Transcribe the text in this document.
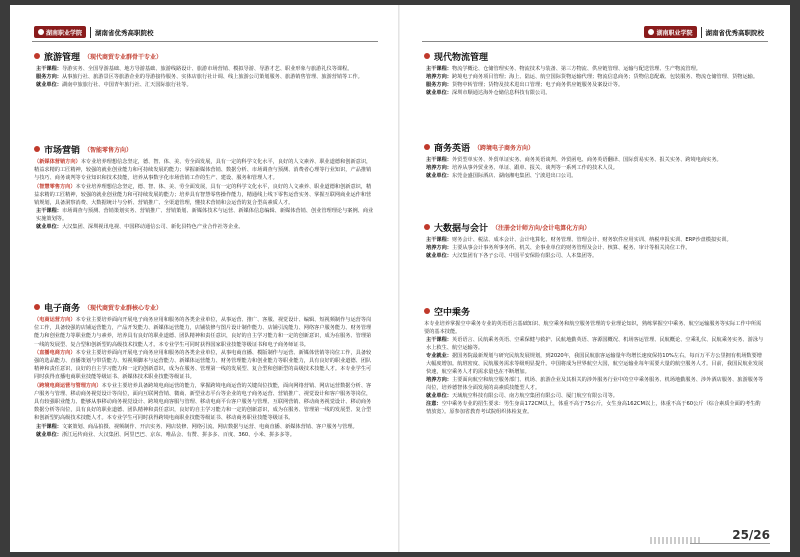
湖南职业学院 湖南省优秀高职院校
旅游管理 （现代商贸专业群骨干专业）
主干课程：导游实务、全国导游基础、地方导游基础、旅游线路设计、旅游市场营销、模拟导游、导游才艺、职业形象与旅游礼仪等课程。
服务方向：从事旅行社、旅游景区等旅游企业的导游接待服务、实体店旅行社计调、线上旅游公司策划服务、旅游销售管理、旅游营销等工作。
就业单位：湖南中旅旅行社、中国青年旅行社、汇天国际旅行社等。
市场营销 （智能零售方向）
（新媒体营销方向）本专业培养理想信念坚定，德、智、体、美、劳全面发展，具有一定的科学文化水平，良好的人文素养、职业道德和创新意识，精益求精的工匠精神，较强的就业创业能力和可持续发展的能力；掌握新媒体营销、数据分析、市场调查与预测、消费者心理等行业知识，产品推销与技巧、商务谈判等专业知识和技术技能，培养从事数字化市场营销工作的生产、建设、服务和管理人才。
（智慧零售方向）本专业培养理想信念坚定，德、智、体、美、劳全面发展，具有一定的科学文化水平，良好的人文素养、职业道德和创新意识，精益求精的工匠精神，较强的就业创业能力和可持续发展的能力；培养具有智慧零售操作能力，精通线上线下零售运营实务、掌握互联网商业运作和营销规划，具备洞察消费、大数据统计与分析、营销推广、全渠道管理，懂技术营销和会运营的复合型高素质人才。
主干课程：市场调查与预测、营销策划实务、营销推广、营销策划、新媒体技术与运营、新媒体信息编辑、新媒体营销、创业管理理论与案例、商业实施策划等。
就业单位：大汉集团、深圳视讯电视、中国移动通信公司、新化县特色产业合作社等企业。
电子商务 （现代商贸专业群核心专业）
（电商运营方向）本专业主要培养面向开展电子商务应用和服务的各类企业单位，从事运营、推广、客服、视觉设计、编辑、短视频制作与运营等岗位工作，具备较强的店铺运营能力，产品开发能力、新媒体运营能力，店铺装修与图片设计制作能力、店铺引流能力、网络客户服务能力、财务管理能力和创业能力等职业能力与素养，培养具有良好的职业道德、团队精神和责任意识，良好的自主学习能力和一定的创新意识，成为在服务、管理第一线的发展型、复合型和创新型的高级技术技能人才。本专业学生可同时获得国家职业技能等级证书和电子商务师证书。
（直播电商方向）本专业主要培养面向开展电子商务应用和服务的各类企业单位，从事电商直播、模版制作与运营、新媒体营销等岗位工作，具备较强的选品能力、直播策划与带货能力、短视频脚本与运营能力、新媒体运营能力、财务管理能力和创业能力等职业能力，具有良好的职业道德、团队精神和责任意识，良好的自主学习能力和一定的创新意识，成为在服务、管理第一线的发展型、复合型和创新型的高级技术技能人才。本专业学生可同时获得直播电商职业技能等级证书、新媒体技术职业技能等级证书。
（跨境电商运营与管理方向）本专业主要培养具备跨境电商运营的能力，掌握跨境电商运营的关键岗位技能，面向网络营销、网店运营数据分析、客户服务与管理、移动商务视觉设计等岗位，面向互联网营销、微商、新型业态平台等企业的电子商务运营、营销推广、视觉设计和客户服务等岗位，具有较强职业能力、能够从事移动商务视觉设计、跨境电商客服与管理、移动电商平台客户服务与管理、互联网营销、移动商务视觉设计、移动商务数据分析等岗位，具有良好的职业道德、团队精神和责任意识，良好的自主学习能力和一定的创新意识，成为在服务、管理第一线的发展型、复合型和创新型的高级技术技能人才。本专业学生可同时获得跨境电商职业技能等级证书、移动商务职业技能等级证书。
主干课程：文案策划、商品拍摄、视频制作、开店实务、网店装修、网络引流、网店数据与运营、电商直播、新媒体营销、客户服务与管理。
就业单位：浙江远传商业、大汉集团、阿里巴巴、京东、唯品会、有赞、拼多多、百度、360、小米、拼多多等。
湖南职业学院 湖南省优秀高职院校
现代物流管理
主干课程：物流学概论、仓储管理实务、物流技术与装备、第三方物流、供应链管理、运输与配送管理、生产物流管理。
培养方向：跨境电子商务项目管理；海上、陆运、航空国际货物运输代理；物流信息商务；货物信息配载、包装服务、物流仓储管理、货物运输。
服务方向：货物中转管理；货物及技术进出口管理；电子商务供应链服务及案设计等。
就业单位：深圳市顺通达海外仓储信息科技有限公司。
商务英语 （跨境电子商务方向）
主干课程：外贸型单实务、外贸单证实务、商务英语谈判、外贸函电、商务英语翻译、国际贸易实务、报关实务、跨境电商实务。
培养方向：培养从事外贸业务、单证、跟单、报关、谈判等一系列工作的技术人员。
就业单位：东莞金盛国际酒店、湖南湘电集团、宁波进出口公司。
大数据与会计 （注册会计师方向/会计电算化方向）
主干课程：财务会计、税法、成本会计、会计电算化、财务管理、管理会计、财务软件应用实训、纳税申报实训、ERP沙盘模拟实训。
培养方向：主要从事会计事务所事务所、机关、企事业单位的财务管理及会计、核算、税务、审计等相关岗位工作。
就业单位：大汉集团有下各子公司、中国平安保险有限公司、人本集团等。
空中乘务
本专业培养掌握空中乘务专业的英语语言基础知识、航空乘务和航空服务管理的专业理论知识，熟练掌握空中乘务、航空运输服务等实际工作中所需要的基本技能。
主干课程：英语语言、民航乘务英语、空乘保健与救护、民航地勤英语、客源国概况、机场客运管理、民航概论、空乘礼仪、民航乘务实务、游泳与水上救生、航空运输等。
专业就业：据国务院最新规划与研究民航发展规划，到2020年，我国民航旅客运输量年均增长速度保持10%左右，每百万平方公里拥有机场数要增大幅度增加。航班密度、民航服务需求等级明显提升。中国将成为世界航空大国，航空运输业每年需要大量的航空服务人才。目前，我国民航业发展快速，航空乘务人才的需求量也在不断增加。
培养方向：主要面向航空和航空服务部门、机场、旅游企业及其相关的涉外服务行业中的空中乘务服务、机场地勤服务、涉外酒店服务、旅游服务等岗位，培养德智体全面发展的高素质技能型人才。
就业单位：天域航空科技有限公司、南方航空集团有限公司、厦门航空有限公司等。
注意：空中乘务专业的招生要求：男生身高172CM以上，体重不高于75公斤，女生身高162CM以上，体重不高于60公斤（综合素质全面的考生酌情放宽）。原参加省教育考试院组织体检复查。
25/26
